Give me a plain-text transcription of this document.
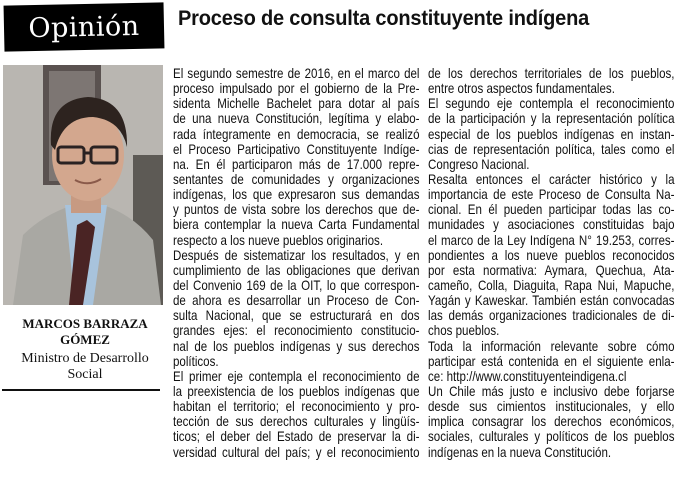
Opinión Proceso de consulta constituyente indígena
MARCOS BARRAZA
GÓMEZ
Ministro de Desarrollo
Social
El segundo semestre de 2016, en el marco del
proceso impulsado por el gobierno de la Pre-
sidenta Michelle Bachelet para dotar al país
de una nueva Constitución, legítima y elabo-
rada íntegramente en democracia, se realizó
el Proceso Participativo Constituyente Indíge-
na. En él participaron más de 17.000 repre-
sentantes de comunidades y organizaciones
indígenas, los que expresaron sus demandas
y puntos de vista sobre los derechos que de-
biera contemplar la nueva Carta Fundamental
respecto a los nueve pueblos originarios.
Después de sistematizar los resultados, y en
cumplimiento de las obligaciones que derivan
del Convenio 169 de la OIT, lo que correspon-
de ahora es desarrollar un Proceso de Con-
sulta Nacional, que se estructurará en dos
grandes ejes: el reconocimiento constitucio-
nal de los pueblos indígenas y sus derechos
políticos.
El primer eje contempla el reconocimiento de
la preexistencia de los pueblos indígenas que
habitan el territorio; el reconocimiento y pro-
tección de sus derechos culturales y lingüís-
ticos; el deber del Estado de preservar la di-
versidad cultural del país; y el reconocimiento
de los derechos territoriales de los pueblos,
entre otros aspectos fundamentales.
El segundo eje contempla el reconocimiento
de la participación y la representación política
especial de los pueblos indígenas en instan-
cias de representación política, tales como el
Congreso Nacional.
Resalta entonces el carácter histórico y la
importancia de este Proceso de Consulta Na-
cional. En él pueden participar todas las co-
munidades y asociaciones constituidas bajo
el marco de la Ley Indígena N° 19.253, corres-
pondientes a los nueve pueblos reconocidos
por esta normativa: Aymara, Quechua, Ata-
cameño, Colla, Diaguita, Rapa Nui, Mapuche,
Yagán y Kaweskar. También están convocadas
las demás organizaciones tradicionales de di-
chos pueblos.
Toda la información relevante sobre cómo
participar está contenida en el siguiente enla-
ce: http://www.constituyenteindigena.cl
Un Chile más justo e inclusivo debe forjarse
desde sus cimientos institucionales, y ello
implica consagrar los derechos económicos,
sociales, culturales y políticos de los pueblos
indígenas en la nueva Constitución.
